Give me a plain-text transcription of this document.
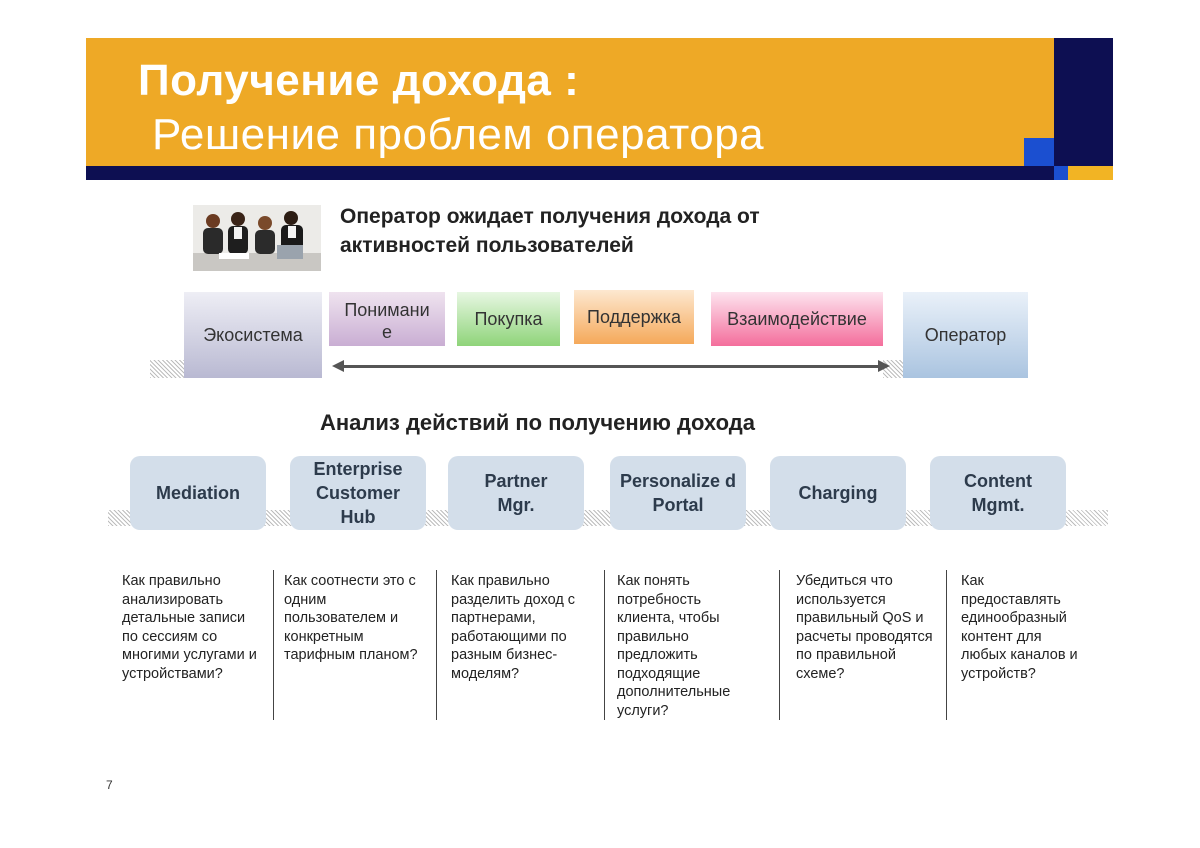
Получение дохода :
Решение проблем оператора
Оператор ожидает получения дохода от
активностей пользователей
Экосистема
Понимани
е
Покупка	Поддержка	Взаимодействие
Оператор
Анализ действий по получению дохода
Mediation
Enterprise Customer Hub
Partner Mgr.
Personalize d Portal
Charging
Content Mgmt.
Как правильно анализировать детальные записи по сессиям со многими услугами и устройствами?
Как соотнести это с одним пользователем и конкретным тарифным планом?
Как правильно разделить доход с партнерами, работающими по разным бизнес-моделям?
Как понять потребность клиента, чтобы правильно предложить подходящие дополнительные услуги?
Убедиться что используется правильный QoS и расчеты проводятся по правильной схеме?
Как предоставлять единообразный контент для любых каналов и устройств?
7
